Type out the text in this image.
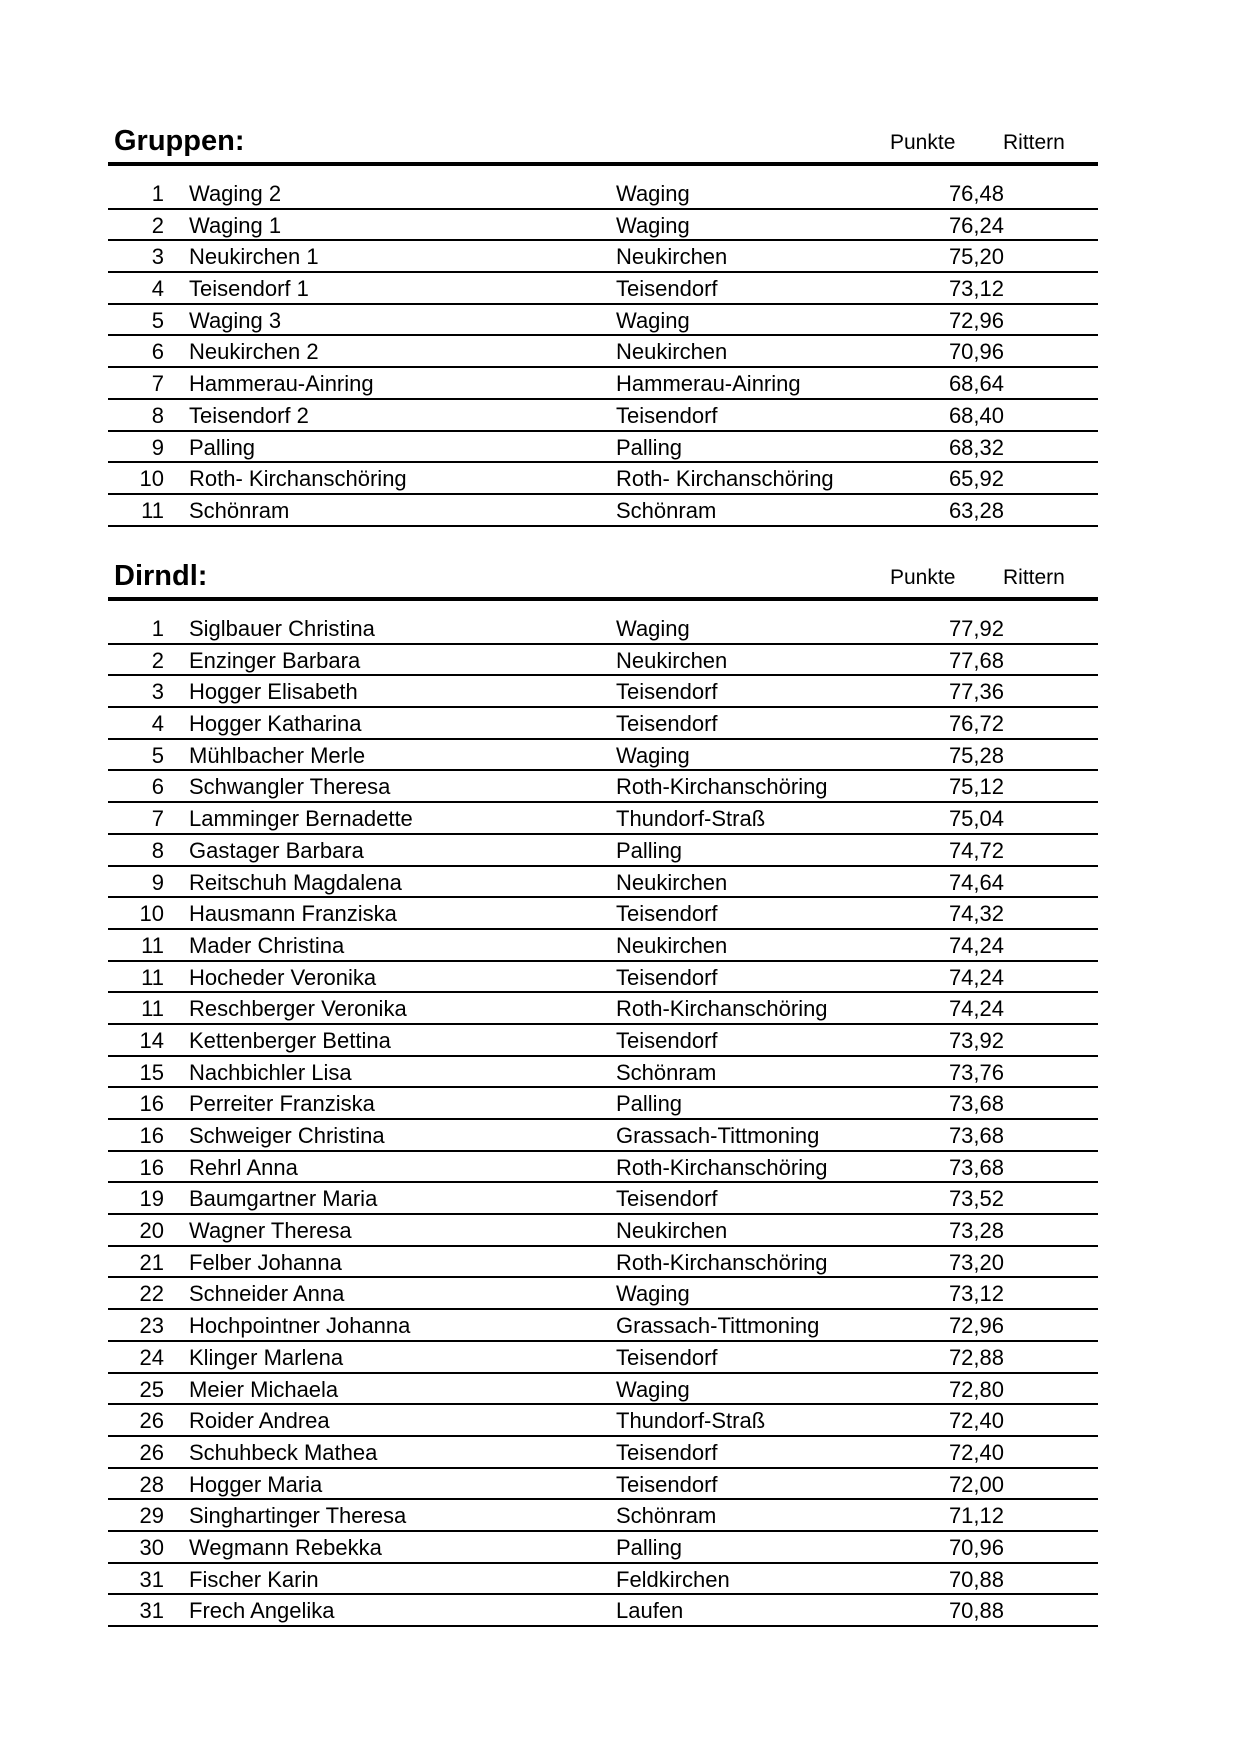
Gruppen:	Punkte Rittern
1 Waging 2	Waging	76,48
2 Waging 1	Waging	76,24
3 Neukirchen 1	Neukirchen	75,20
4 Teisendorf 1	Teisendorf	73,12
5 Waging 3	Waging	72,96
6 Neukirchen 2	Neukirchen	70,96
7 Hammerau-Ainring	Hammerau-Ainring	68,64
8 Teisendorf 2	Teisendorf	68,40
9 Palling	Palling	68,32
10 Roth- Kirchanschöring	Roth- Kirchanschöring	65,92
11 Schönram	Schönram	63,28
Dirndl:	Punkte Rittern
1 Siglbauer Christina	Waging	77,92
2 Enzinger Barbara	Neukirchen	77,68
3 Hogger Elisabeth	Teisendorf	77,36
4 Hogger Katharina	Teisendorf	76,72
5 Mühlbacher Merle	Waging	75,28
6 Schwangler Theresa	Roth-Kirchanschöring	75,12
7 Lamminger Bernadette	Thundorf-Straß	75,04
8 Gastager Barbara	Palling	74,72
9 Reitschuh Magdalena	Neukirchen	74,64
10 Hausmann Franziska	Teisendorf	74,32
11 Mader Christina	Neukirchen	74,24
11 Hocheder Veronika	Teisendorf	74,24
11 Reschberger Veronika	Roth-Kirchanschöring	74,24
14 Kettenberger Bettina	Teisendorf	73,92
15 Nachbichler Lisa	Schönram	73,76
16 Perreiter Franziska	Palling	73,68
16 Schweiger Christina	Grassach-Tittmoning	73,68
16 Rehrl Anna	Roth-Kirchanschöring	73,68
19 Baumgartner Maria	Teisendorf	73,52
20 Wagner Theresa	Neukirchen	73,28
21 Felber Johanna	Roth-Kirchanschöring	73,20
22 Schneider Anna	Waging	73,12
23 Hochpointner Johanna	Grassach-Tittmoning	72,96
24 Klinger Marlena	Teisendorf	72,88
25 Meier Michaela	Waging	72,80
26 Roider Andrea	Thundorf-Straß	72,40
26 Schuhbeck Mathea	Teisendorf	72,40
28 Hogger Maria	Teisendorf	72,00
29 Singhartinger Theresa	Schönram	71,12
30 Wegmann Rebekka	Palling	70,96
31 Fischer Karin	Feldkirchen	70,88
31 Frech Angelika	Laufen	70,88
